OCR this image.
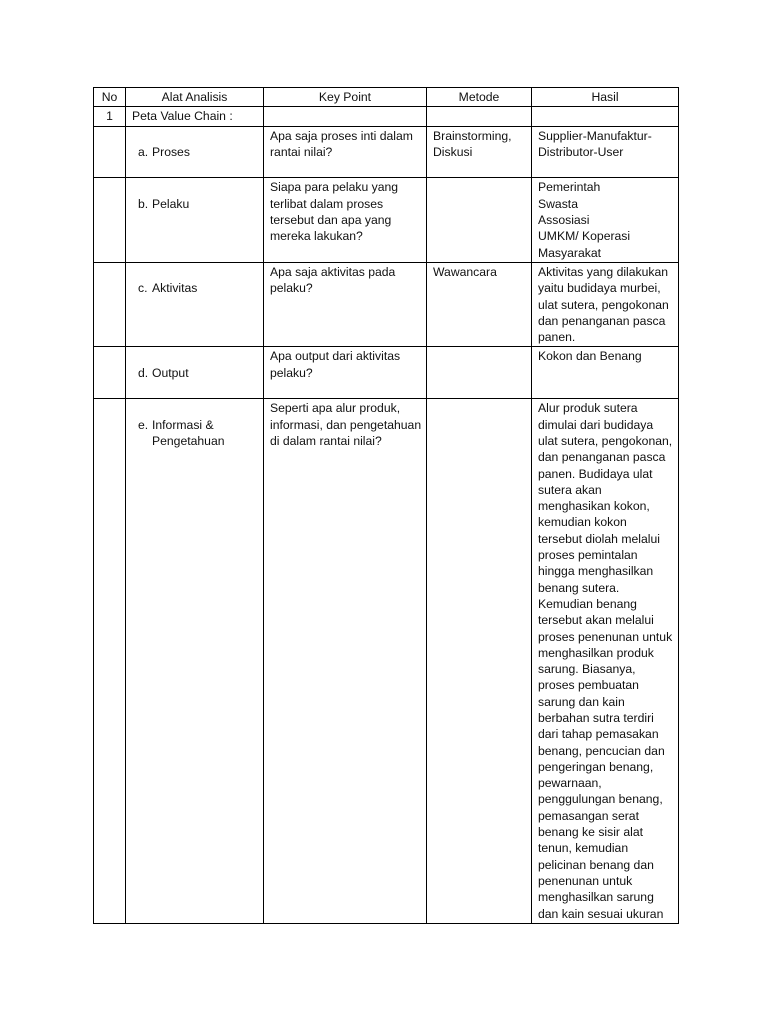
No	Alat Analisis	Key Point	Metode	Hasil
1	Peta Value Chain :			

	a. Proses	Apa saja proses inti dalam rantai nilai?	Brainstorming, Diskusi	Supplier-Manufaktur-Distributor-User

	b. Pelaku	Siapa para pelaku yang terlibat dalam proses tersebut dan apa yang mereka lakukan?		Pemerintah
Swasta
Assosiasi
UMKM/ Koperasi
Masyarakat

	c. Aktivitas	Apa saja aktivitas pada pelaku?	Wawancara	Aktivitas yang dilakukan yaitu budidaya murbei, ulat sutera, pengokonan dan penanganan pasca panen.

	d. Output	Apa output dari aktivitas pelaku?		Kokon dan Benang

	e. Informasi & Pengetahuan	Seperti apa alur produk, informasi, dan pengetahuan di dalam rantai nilai?		Alur produk sutera dimulai dari budidaya ulat sutera, pengokonan, dan penanganan pasca panen. Budidaya ulat sutera akan menghasikan kokon, kemudian kokon tersebut diolah melalui proses pemintalan hingga menghasilkan benang sutera. Kemudian benang tersebut akan melalui proses penenunan untuk menghasilkan produk sarung. Biasanya, proses pembuatan sarung dan kain berbahan sutra terdiri dari tahap pemasakan benang, pencucian dan pengeringan benang, pewarnaan, penggulungan benang, pemasangan serat benang ke sisir alat tenun, kemudian pelicinan benang dan penenunan untuk menghasilkan sarung dan kain sesuai ukuran
